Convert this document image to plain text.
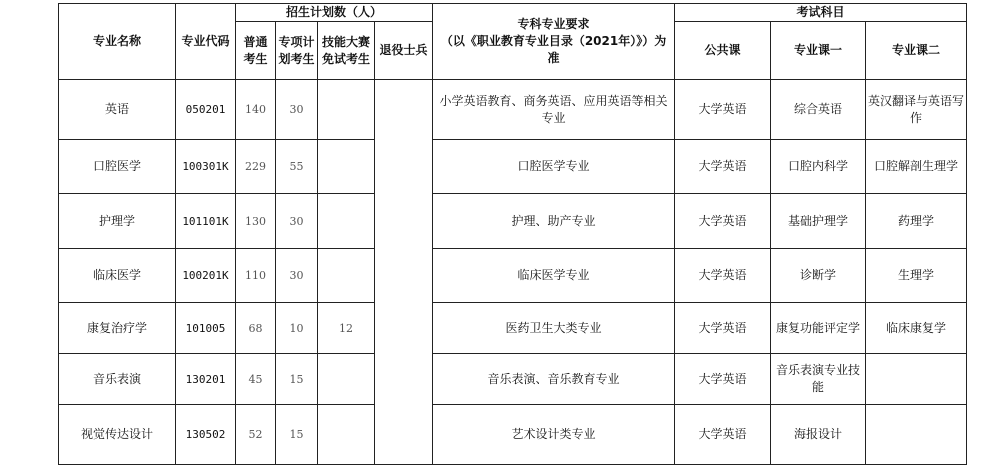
专业名称	专业代码	招生计划数（人）				专科专业要求
（以《职业教育专业目录（2021年）》）为准	考试科目		
		普通考生	专项计划考生	技能大赛免试考生	退役士兵		公共课	专业课一	专业课二
英语	050201	140	30			小学英语教育、商务英语、应用英语等相关专业	大学英语	综合英语	英汉翻译与英语写作
口腔医学	100301K	229	55			口腔医学专业	大学英语	口腔内科学	口腔解剖生理学
护理学	101101K	130	30			护理、助产专业	大学英语	基础护理学	药理学
临床医学	100201K	110	30			临床医学专业	大学英语	诊断学	生理学
康复治疗学	101005	68	10	12		医药卫生大类专业	大学英语	康复功能评定学	临床康复学
音乐表演	130201	45	15			音乐表演、音乐教育专业	大学英语	音乐表演专业技能	
视觉传达设计	130502	52	15			艺术设计类专业	大学英语	海报设计	
